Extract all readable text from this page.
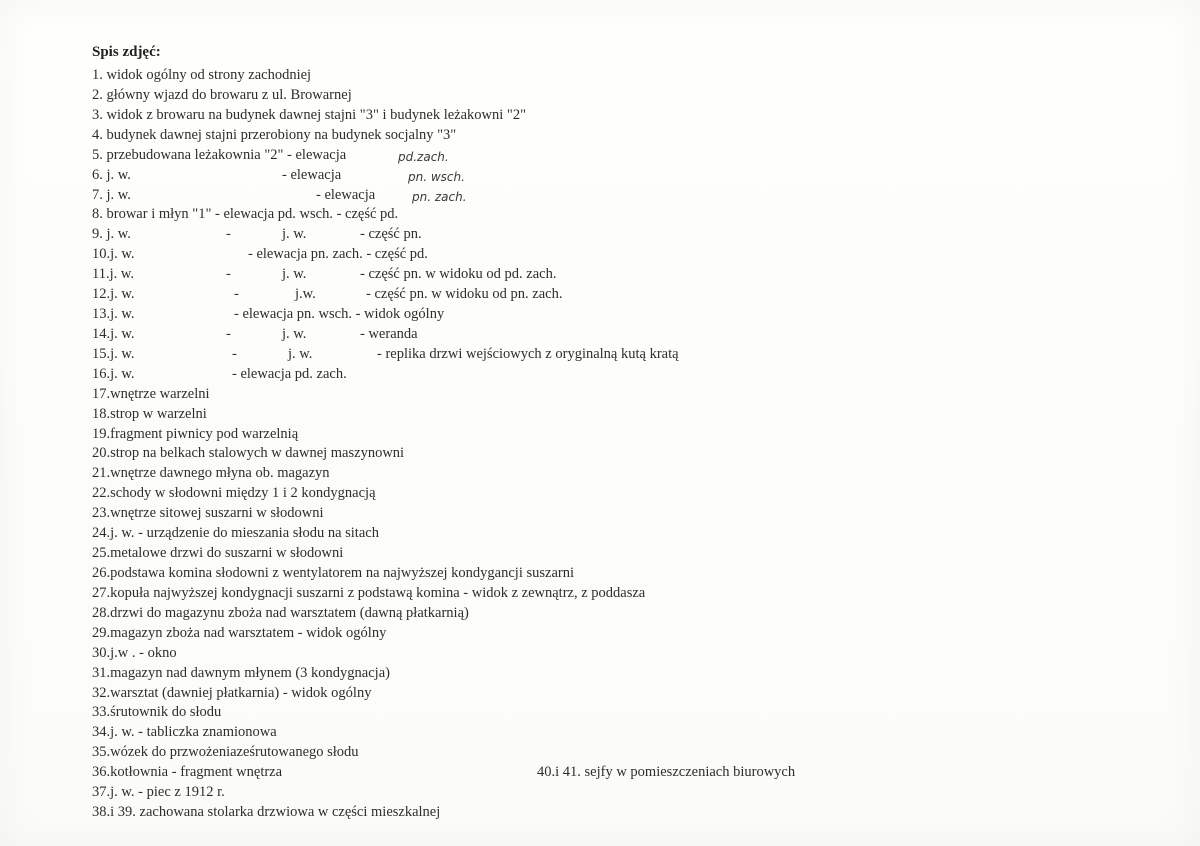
Spis zdjęć:
1. widok ogólny od strony zachodniej
2. główny wjazd do browaru z ul. Browarnej
3. widok z browaru na budynek dawnej stajni "3" i budynek leżakowni "2"
4. budynek dawnej stajni przerobiony na budynek socjalny "3"
5. przebudowana leżakownia "2" - elewacja	pd.zach.
6. j. w.	- elewacja	pn. wsch.
7. j. w.	- elewacja	pn. zach.
8. browar i młyn "1" - elewacja pd. wsch. - część pd.
9. j. w.	-	j. w.	- część pn.
10.j. w.	- elewacja pn. zach. - część pd.
11.j. w.	-	j. w.	- część pn. w widoku od pd. zach.
12.j. w.	-	j.w.	- część pn. w widoku od pn. zach.
13.j. w.	- elewacja pn. wsch. - widok ogólny
14.j. w.	-	j. w.	- weranda
15.j. w.	-	j. w.	- replika drzwi wejściowych z oryginalną kutą kratą
16.j. w.	- elewacja pd. zach.
17.wnętrze warzelni
18.strop w warzelni
19.fragment piwnicy pod warzelnią
20.strop na belkach stalowych w dawnej maszynowni
21.wnętrze dawnego młyna ob. magazyn
22.schody w słodowni między 1 i 2 kondygnacją
23.wnętrze sitowej suszarni w słodowni
24.j. w. - urządzenie do mieszania słodu na sitach
25.metalowe drzwi do suszarni w słodowni
26.podstawa komina słodowni z wentylatorem na najwyższej kondygancji suszarni
27.kopuła najwyższej kondygnacji suszarni z podstawą komina - widok z zewnątrz, z poddasza
28.drzwi do magazynu zboża nad warsztatem (dawną płatkarnią)
29.magazyn zboża nad warsztatem - widok ogólny
30.j.w . - okno
31.magazyn nad dawnym młynem (3 kondygnacja)
32.warsztat (dawniej płatkarnia) - widok ogólny
33.śrutownik do słodu
34.j. w. - tabliczka znamionowa
35.wózek do przwożeniaześrutowanego słodu
36.kotłownia - fragment wnętrza	40.i 41. sejfy w pomieszczeniach biurowych
37.j. w. - piec z 1912 r.
38.i 39. zachowana stolarka drzwiowa w części mieszkalnej
